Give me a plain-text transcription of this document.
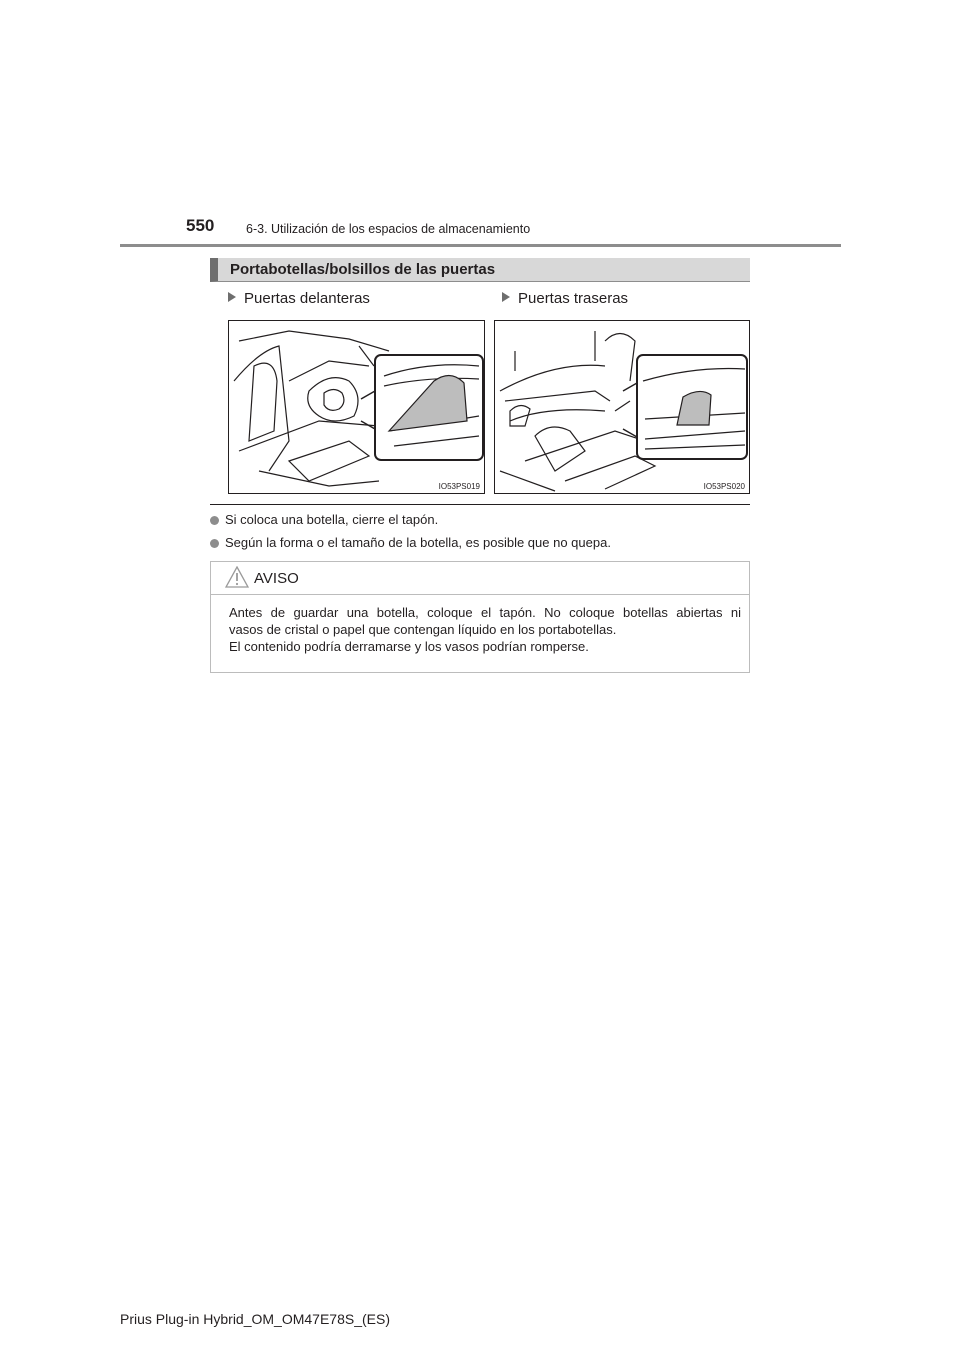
550	6-3. Utilización de los espacios de almacenamiento
Portabotellas/bolsillos de las puertas
Puertas delanteras	Puertas traseras
IO53PS019	IO53PS020
Si coloca una botella, cierre el tapón.
Según la forma o el tamaño de la botella, es posible que no quepa.
AVISO
Antes de guardar una botella, coloque el tapón. No coloque botellas abiertas ni
vasos de cristal o papel que contengan líquido en los portabotellas.
El contenido podría derramarse y los vasos podrían romperse.
Prius Plug-in Hybrid_OM_OM47E78S_(ES)
